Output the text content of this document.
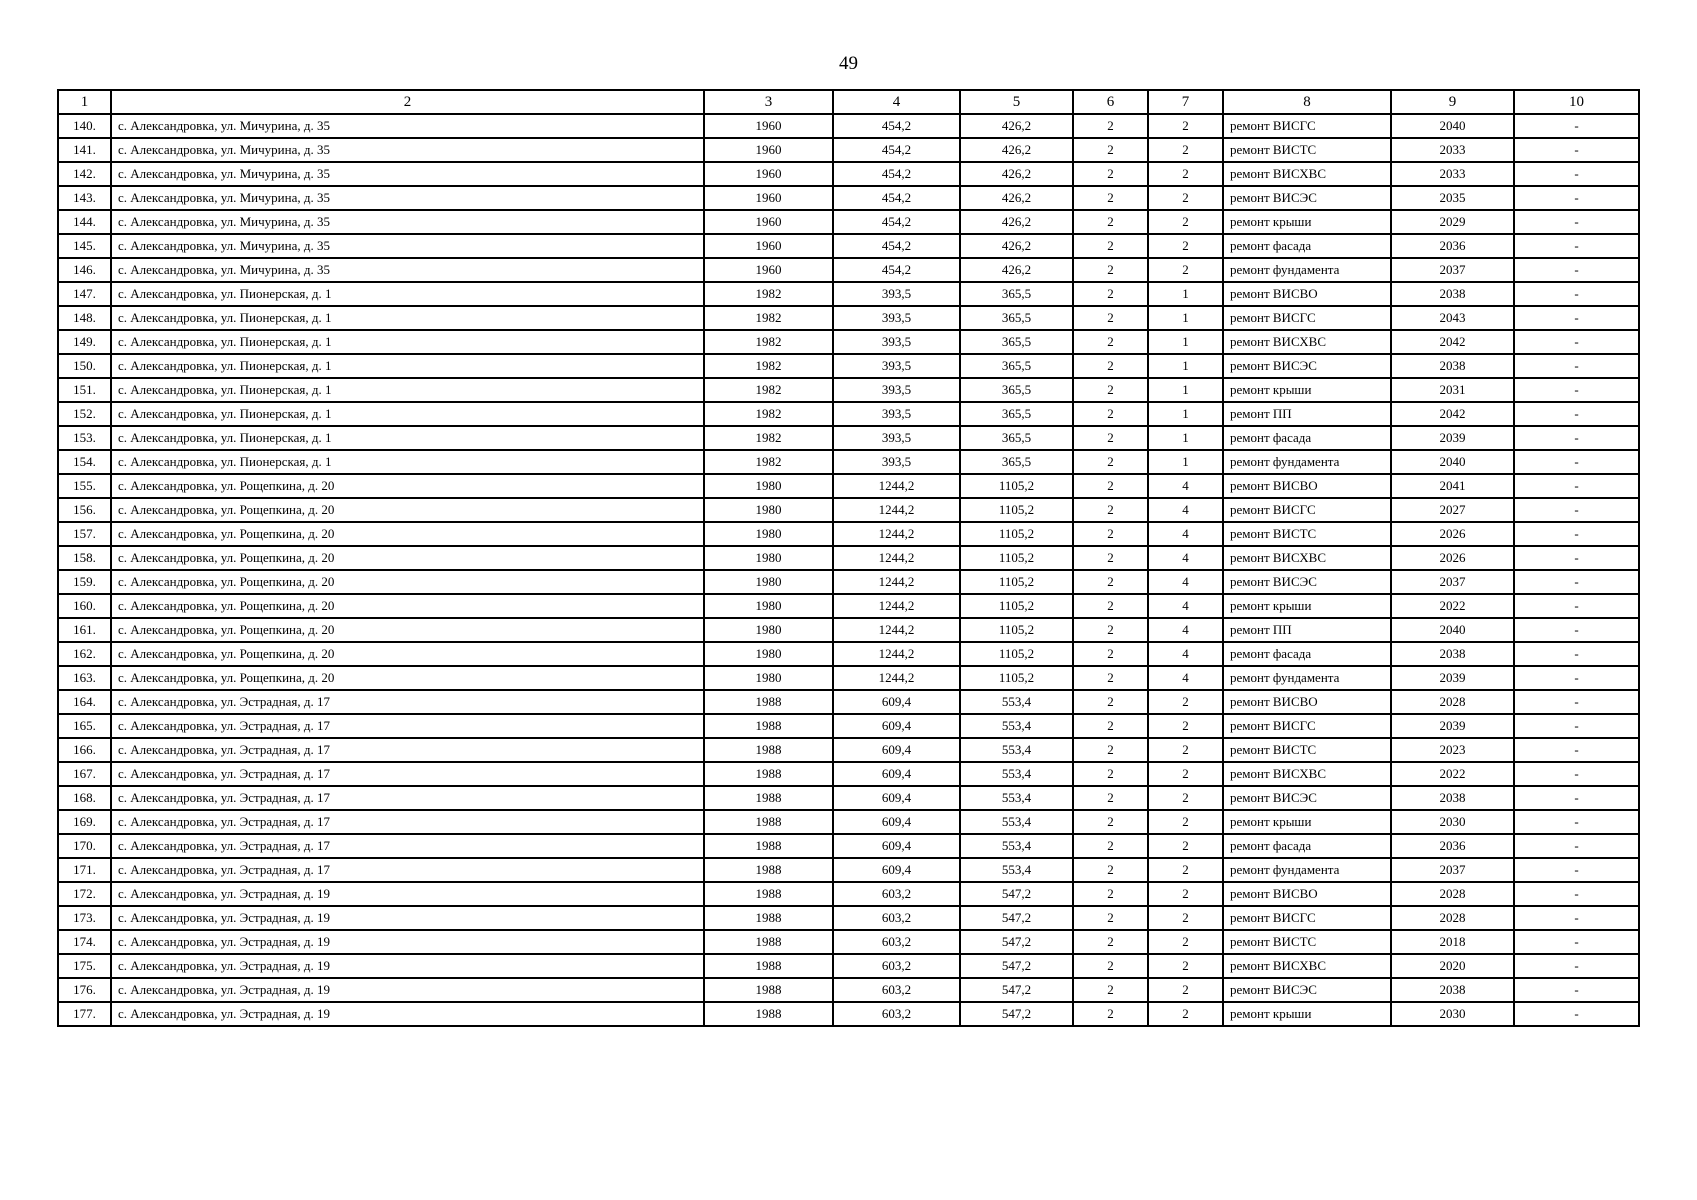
49
1	2	3	4	5	6	7	8	9	10
140.	с. Александровка, ул. Мичурина, д. 35	1960	454,2	426,2	2	2	ремонт ВИСГС	2040	-
141.	с. Александровка, ул. Мичурина, д. 35	1960	454,2	426,2	2	2	ремонт ВИСТС	2033	-
142.	с. Александровка, ул. Мичурина, д. 35	1960	454,2	426,2	2	2	ремонт ВИСХВС	2033	-
143.	с. Александровка, ул. Мичурина, д. 35	1960	454,2	426,2	2	2	ремонт ВИСЭС	2035	-
144.	с. Александровка, ул. Мичурина, д. 35	1960	454,2	426,2	2	2	ремонт крыши	2029	-
145.	с. Александровка, ул. Мичурина, д. 35	1960	454,2	426,2	2	2	ремонт фасада	2036	-
146.	с. Александровка, ул. Мичурина, д. 35	1960	454,2	426,2	2	2	ремонт фундамента	2037	-
147.	с. Александровка, ул. Пионерская, д. 1	1982	393,5	365,5	2	1	ремонт ВИСВО	2038	-
148.	с. Александровка, ул. Пионерская, д. 1	1982	393,5	365,5	2	1	ремонт ВИСГС	2043	-
149.	с. Александровка, ул. Пионерская, д. 1	1982	393,5	365,5	2	1	ремонт ВИСХВС	2042	-
150.	с. Александровка, ул. Пионерская, д. 1	1982	393,5	365,5	2	1	ремонт ВИСЭС	2038	-
151.	с. Александровка, ул. Пионерская, д. 1	1982	393,5	365,5	2	1	ремонт крыши	2031	-
152.	с. Александровка, ул. Пионерская, д. 1	1982	393,5	365,5	2	1	ремонт ПП	2042	-
153.	с. Александровка, ул. Пионерская, д. 1	1982	393,5	365,5	2	1	ремонт фасада	2039	-
154.	с. Александровка, ул. Пионерская, д. 1	1982	393,5	365,5	2	1	ремонт фундамента	2040	-
155.	с. Александровка, ул. Рощепкина, д. 20	1980	1244,2	1105,2	2	4	ремонт ВИСВО	2041	-
156.	с. Александровка, ул. Рощепкина, д. 20	1980	1244,2	1105,2	2	4	ремонт ВИСГС	2027	-
157.	с. Александровка, ул. Рощепкина, д. 20	1980	1244,2	1105,2	2	4	ремонт ВИСТС	2026	-
158.	с. Александровка, ул. Рощепкина, д. 20	1980	1244,2	1105,2	2	4	ремонт ВИСХВС	2026	-
159.	с. Александровка, ул. Рощепкина, д. 20	1980	1244,2	1105,2	2	4	ремонт ВИСЭС	2037	-
160.	с. Александровка, ул. Рощепкина, д. 20	1980	1244,2	1105,2	2	4	ремонт крыши	2022	-
161.	с. Александровка, ул. Рощепкина, д. 20	1980	1244,2	1105,2	2	4	ремонт ПП	2040	-
162.	с. Александровка, ул. Рощепкина, д. 20	1980	1244,2	1105,2	2	4	ремонт фасада	2038	-
163.	с. Александровка, ул. Рощепкина, д. 20	1980	1244,2	1105,2	2	4	ремонт фундамента	2039	-
164.	с. Александровка, ул. Эстрадная, д. 17	1988	609,4	553,4	2	2	ремонт ВИСВО	2028	-
165.	с. Александровка, ул. Эстрадная, д. 17	1988	609,4	553,4	2	2	ремонт ВИСГС	2039	-
166.	с. Александровка, ул. Эстрадная, д. 17	1988	609,4	553,4	2	2	ремонт ВИСТС	2023	-
167.	с. Александровка, ул. Эстрадная, д. 17	1988	609,4	553,4	2	2	ремонт ВИСХВС	2022	-
168.	с. Александровка, ул. Эстрадная, д. 17	1988	609,4	553,4	2	2	ремонт ВИСЭС	2038	-
169.	с. Александровка, ул. Эстрадная, д. 17	1988	609,4	553,4	2	2	ремонт крыши	2030	-
170.	с. Александровка, ул. Эстрадная, д. 17	1988	609,4	553,4	2	2	ремонт фасада	2036	-
171.	с. Александровка, ул. Эстрадная, д. 17	1988	609,4	553,4	2	2	ремонт фундамента	2037	-
172.	с. Александровка, ул. Эстрадная, д. 19	1988	603,2	547,2	2	2	ремонт ВИСВО	2028	-
173.	с. Александровка, ул. Эстрадная, д. 19	1988	603,2	547,2	2	2	ремонт ВИСГС	2028	-
174.	с. Александровка, ул. Эстрадная, д. 19	1988	603,2	547,2	2	2	ремонт ВИСТС	2018	-
175.	с. Александровка, ул. Эстрадная, д. 19	1988	603,2	547,2	2	2	ремонт ВИСХВС	2020	-
176.	с. Александровка, ул. Эстрадная, д. 19	1988	603,2	547,2	2	2	ремонт ВИСЭС	2038	-
177.	с. Александровка, ул. Эстрадная, д. 19	1988	603,2	547,2	2	2	ремонт крыши	2030	-
